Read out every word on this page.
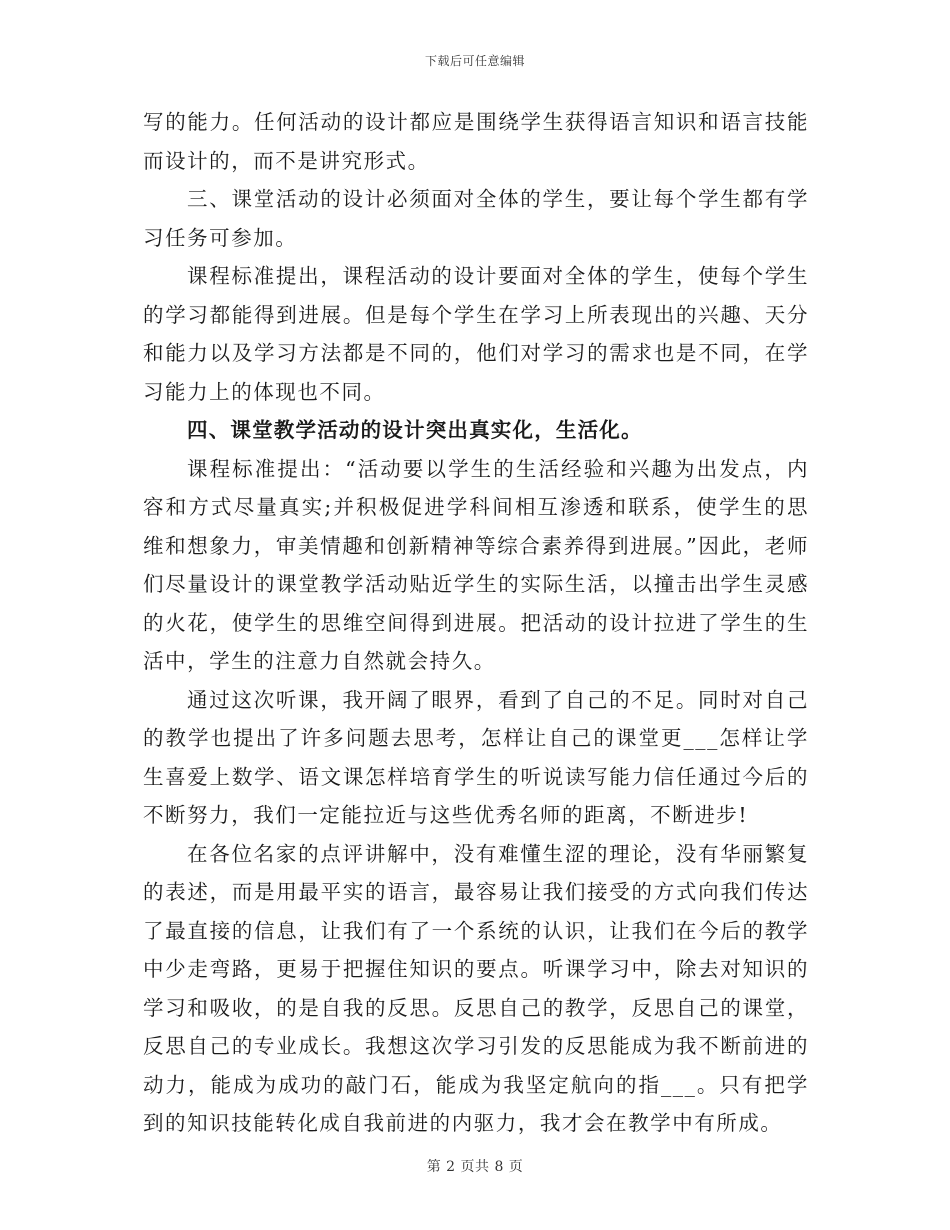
下载后可任意编辑

写的能力。任何活动的设计都应是围绕学生获得语言知识和语言技能而设计的，而不是讲究形式。

三、课堂活动的设计必须面对全体的学生，要让每个学生都有学习任务可参加。

课程标准提出，课程活动的设计要面对全体的学生，使每个学生的学习都能得到进展。但是每个学生在学习上所表现出的兴趣、天分和能力以及学习方法都是不同的，他们对学习的需求也是不同，在学习能力上的体现也不同。

四、课堂教学活动的设计突出真实化，生活化。

课程标准提出：“活动要以学生的生活经验和兴趣为出发点，内容和方式尽量真实;并积极促进学科间相互渗透和联系，使学生的思维和想象力，审美情趣和创新精神等综合素养得到进展。”因此，老师们尽量设计的课堂教学活动贴近学生的实际生活，以撞击出学生灵感的火花，使学生的思维空间得到进展。把活动的设计拉进了学生的生活中，学生的注意力自然就会持久。

通过这次听课，我开阔了眼界，看到了自己的不足。同时对自己的教学也提出了许多问题去思考，怎样让自己的课堂更___怎样让学生喜爱上数学、语文课怎样培育学生的听说读写能力信任通过今后的不断努力，我们一定能拉近与这些优秀名师的距离，不断进步!

在各位名家的点评讲解中，没有难懂生涩的理论，没有华丽繁复的表述，而是用最平实的语言，最容易让我们接受的方式向我们传达了最直接的信息，让我们有了一个系统的认识，让我们在今后的教学中少走弯路，更易于把握住知识的要点。听课学习中，除去对知识的学习和吸收，的是自我的反思。反思自己的教学，反思自己的课堂，反思自己的专业成长。我想这次学习引发的反思能成为我不断前进的动力，能成为成功的敲门石，能成为我坚定航向的指___。只有把学到的知识技能转化成自我前进的内驱力，我才会在教学中有所成。

第 2 页共 8 页
